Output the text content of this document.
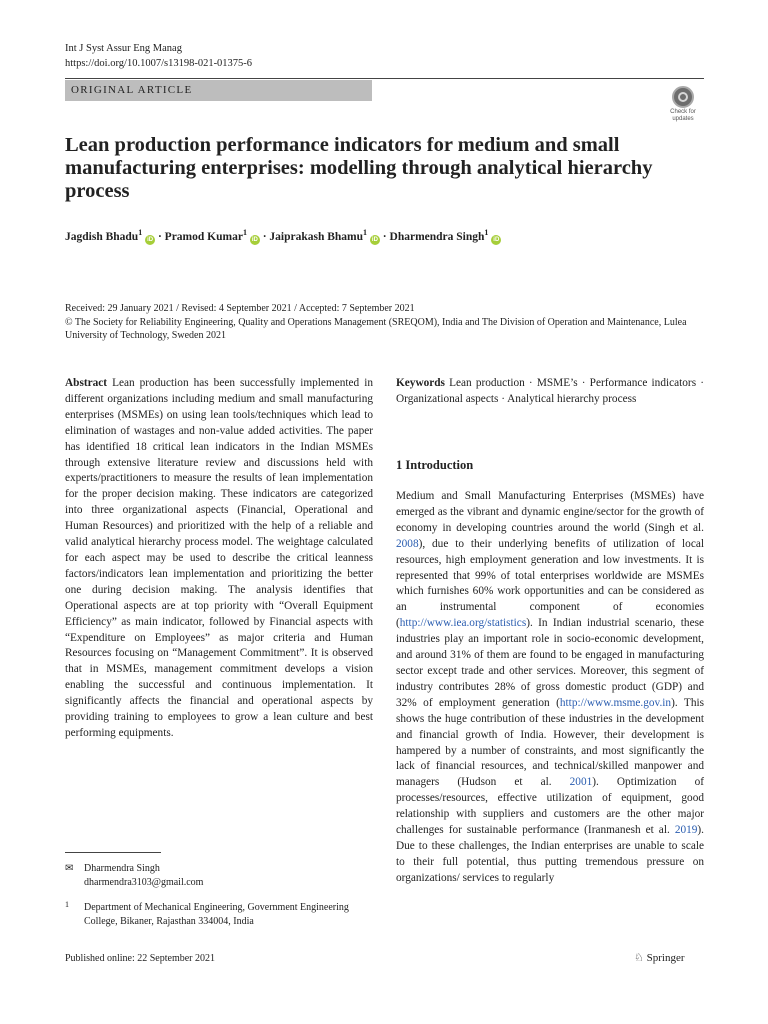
Int J Syst Assur Eng Manag
https://doi.org/10.1007/s13198-021-01375-6
ORIGINAL ARTICLE
Check for
updates
Lean production performance indicators for medium and small manufacturing enterprises: modelling through analytical hierarchy process
Jagdish Bhadu$^1$ iD · Pramod Kumar$^1$ iD · Jaiprakash Bhamu$^1$ iD · Dharmendra Singh$^1$ iD
Received: 29 January 2021 / Revised: 4 September 2021 / Accepted: 7 September 2021
© The Society for Reliability Engineering, Quality and Operations Management (SREQOM), India and The Division of Operation and Maintenance, Lulea University of Technology, Sweden 2021
Abstract Lean production has been successfully implemented in different organizations including medium and small manufacturing enterprises (MSMEs) on using lean tools/techniques which lead to elimination of wastages and non-value added activities. The paper has identified 18 critical lean indicators in the Indian MSMEs through extensive literature review and discussions held with experts/practitioners to measure the results of lean implementation for the proper decision making. These indicators are categorized into three organizational aspects (Financial, Operational and Human Resources) and prioritized with the help of a reliable and valid analytical hierarchy process model. The weightage calculated for each aspect may be used to describe the critical leanness factors/indicators lean implementation and prioritizing the better one during decision making. The analysis identifies that Operational aspects are at top priority with “Overall Equipment Efficiency” as main indicator, followed by Financial aspects with “Expenditure on Employees” as major criteria and Human Resources focusing on “Management Commitment”. It is observed that in MSMEs, management commitment develops a vision enabling the successful and continuous implementation. It significantly affects the financial and operational aspects by providing training to employees to grow a lean culture and best performing equipments.
Keywords Lean production · MSME’s · Performance indicators · Organizational aspects · Analytical hierarchy process
1 Introduction
Medium and Small Manufacturing Enterprises (MSMEs) have emerged as the vibrant and dynamic engine/sector for the growth of economy in developing countries around the world (Singh et al. 2008), due to their underlying benefits of utilization of local resources, high employment generation and low investments. It is represented that 99% of total enterprises worldwide are MSMEs which furnishes 60% work opportunities and can be considered as an instrumental component of economies (http://www.iea.org/statistics). In Indian industrial scenario, these industries play an important role in socio-economic development, and around 31% of them are found to be engaged in manufacturing sector except trade and other services. Moreover, this segment of industry contributes 28% of gross domestic product (GDP) and 32% of employment generation (http://www.msme.gov.in). This shows the huge contribution of these industries in the development and financial growth of India. However, their development is hampered by a number of constraints, and most significantly the lack of financial resources, and technical/skilled manpower and managers (Hudson et al. 2001). Optimization of processes/resources, effective utilization of equipment, good relationship with suppliers and customers are the other major challenges for sustainable performance (Iranmanesh et al. 2019). Due to these challenges, the Indian enterprises are unable to scale to their full potential, thus putting tremendous pressure on organizations/ services to regularly
✉ Dharmendra Singh
dharmendra3103@gmail.com
1 Department of Mechanical Engineering, Government Engineering College, Bikaner, Rajasthan 334004, India
Published online: 22 September 2021	♘ Springer
